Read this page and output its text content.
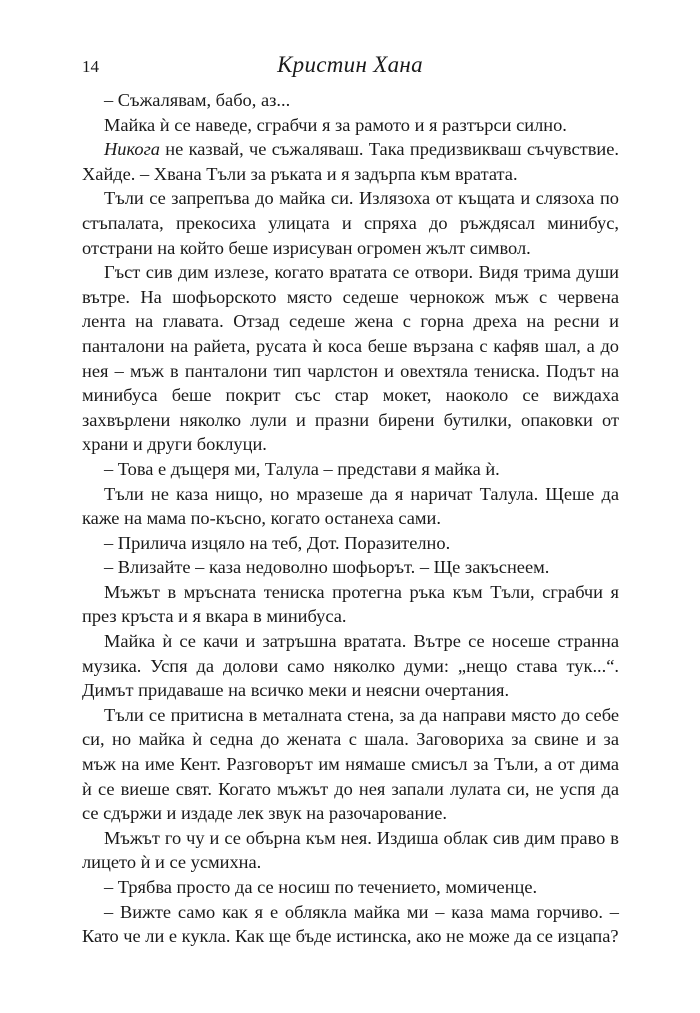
14	Кристин Хана

– Съжалявам, бабо, аз...

Майка ѝ се наведе, сграбчи я за рамото и я разтърси силно.

Никога не казвай, че съжаляваш. Така предизвикваш съчувствие. Хайде. – Хвана Тъли за ръката и я задърпа към вратата.

Тъли се запрепъва до майка си. Излязоха от къщата и слязоха по стъпалата, прекосиха улицата и спряха до ръждясал минибус, отстрани на който беше изрисуван огромен жълт символ.

Гъст сив дим излезе, когато вратата се отвори. Видя трима души вътре. На шофьорското място седеше чернокож мъж с червена лента на главата. Отзад седеше жена с горна дреха на ресни и панталони на райета, русата ѝ коса беше вързана с кафяв шал, а до нея – мъж в панталони тип чарлстон и овехтяла тениска. Подът на минибуса беше покрит със стар мокет, наоколо се виждаха захвърлени няколко лули и празни бирени бутилки, опаковки от храни и други боклуци.

– Това е дъщеря ми, Талула – представи я майка ѝ.

Тъли не каза нищо, но мразеше да я наричат Талула. Щеше да каже на мама по-късно, когато останеха сами.

– Прилича изцяло на теб, Дот. Поразително.

– Влизайте – каза недоволно шофьорът. – Ще закъснеем.

Мъжът в мръсната тениска протегна ръка към Тъли, сграбчи я през кръста и я вкара в минибуса.

Майка ѝ се качи и затръшна вратата. Вътре се носеше странна музика. Успя да долови само няколко думи: „нещо става тук...“. Димът придаваше на всичко меки и неясни очертания.

Тъли се притисна в металната стена, за да направи място до себе си, но майка ѝ седна до жената с шала. Заговориха за свине и за мъж на име Кент. Разговорът им нямаше смисъл за Тъли, а от дима ѝ се виеше свят. Когато мъжът до нея запали лулата си, не успя да се сдържи и издаде лек звук на разочарование.

Мъжът го чу и се обърна към нея. Издиша облак сив дим право в лицето ѝ и се усмихна.

– Трябва просто да се носиш по течението, момиченце.

– Вижте само как я е облякла майка ми – каза мама горчиво. – Като че ли е кукла. Как ще бъде истинска, ако не може да се изцапа?
